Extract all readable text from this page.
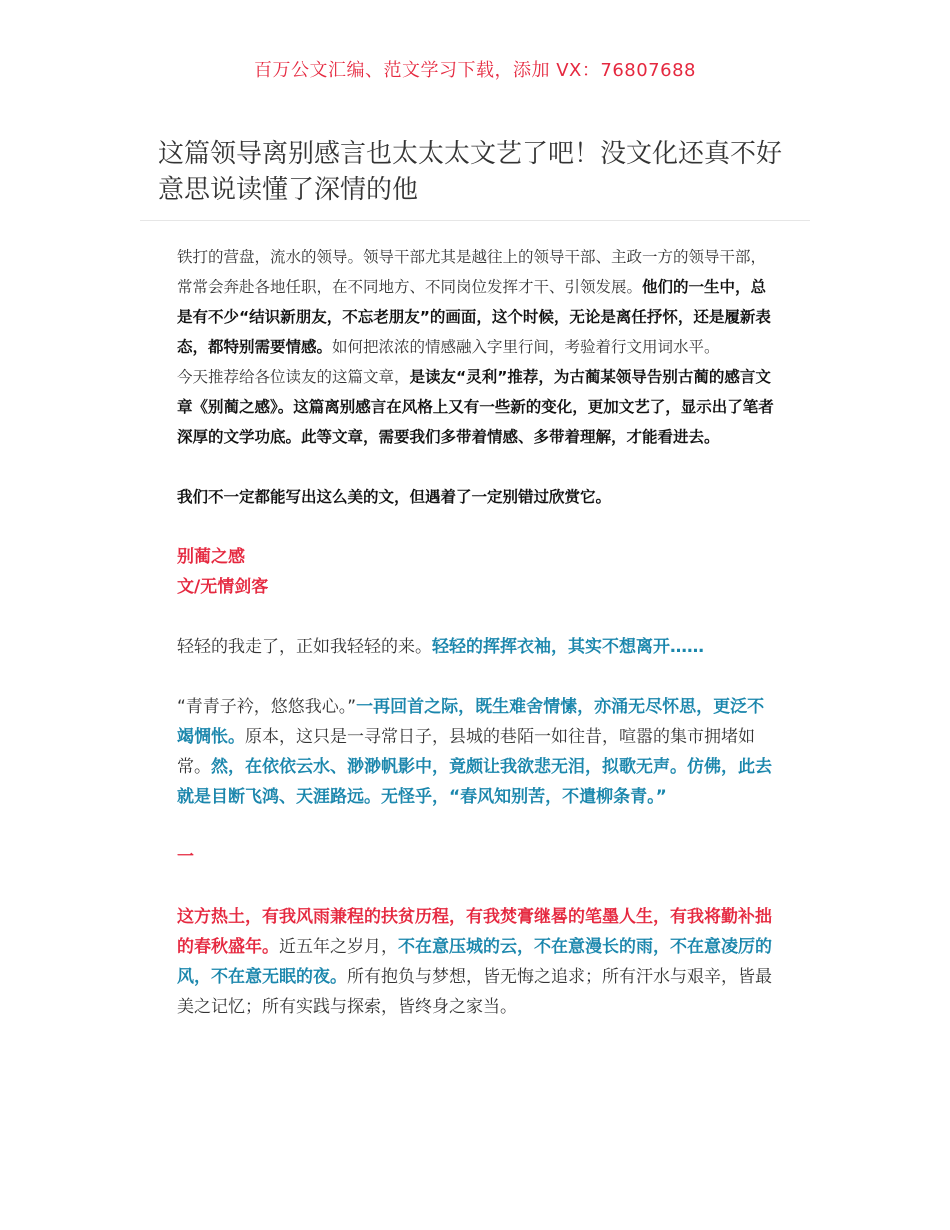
百万公文汇编、范文学习下载，添加 VX：76807688
这篇领导离别感言也太太太文艺了吧！没文化还真不好意思说读懂了深情的他

铁打的营盘，流水的领导。领导干部尤其是越往上的领导干部、主政一方的领导干部，常常会奔赴各地任职，在不同地方、不同岗位发挥才干、引领发展。他们的一生中，总是有不少“结识新朋友，不忘老朋友”的画面，这个时候，无论是离任抒怀，还是履新表态，都特别需要情感。如何把浓浓的情感融入字里行间，考验着行文用词水平。

今天推荐给各位读友的这篇文章，是读友“灵利”推荐，为古蔺某领导告别古蔺的感言文章《别蔺之感》。这篇离别感言在风格上又有一些新的变化，更加文艺了，显示出了笔者深厚的文学功底。此等文章，需要我们多带着情感、多带着理解，才能看进去。

我们不一定都能写出这么美的文，但遇着了一定别错过欣赏它。

别蔺之感

文/无情剑客

轻轻的我走了，正如我轻轻的来。轻轻的挥挥衣袖，其实不想离开……

“青青子衿，悠悠我心。”一再回首之际，既生难舍情愫，亦涌无尽怀思，更泛不竭惆怅。原本，这只是一寻常日子，县城的巷陌一如往昔，喧嚣的集市拥堵如常。然，在依依云水、渺渺帆影中，竟颇让我欲悲无泪，拟歌无声。仿佛，此去就是目断飞鸿、天涯路远。无怪乎，“春风知别苦，不遣柳条青。”

一

这方热土，有我风雨兼程的扶贫历程，有我焚膏继晷的笔墨人生，有我将勤补拙的春秋盛年。近五年之岁月，不在意压城的云，不在意漫长的雨，不在意凌厉的风，不在意无眠的夜。所有抱负与梦想，皆无悔之追求；所有汗水与艰辛，皆最美之记忆；所有实践与探索，皆终身之家当。
